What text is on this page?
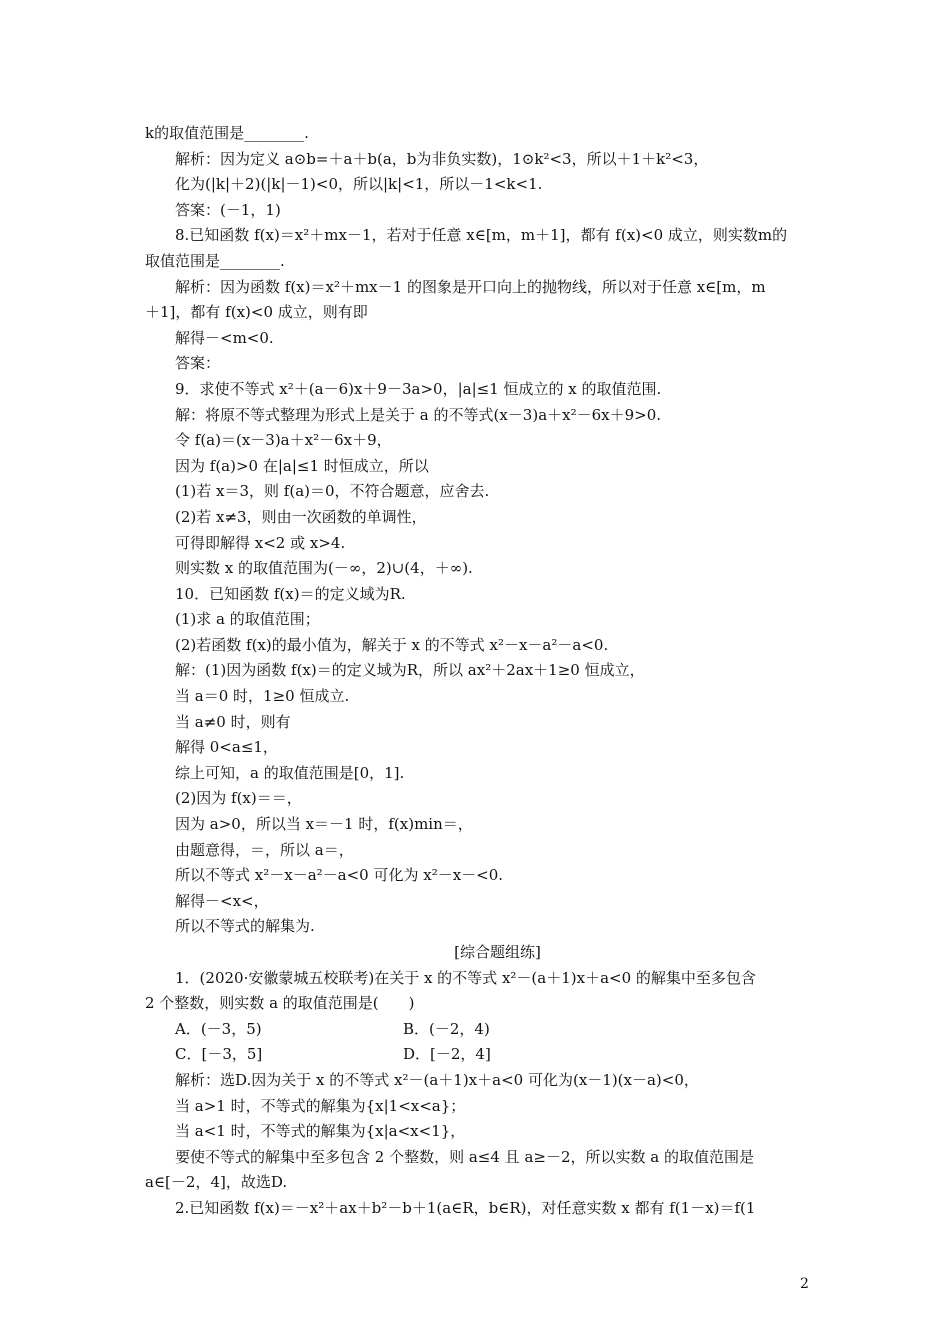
k的取值范围是________.
解析：因为定义 a⊙b=＋a＋b(a，b为非负实数)，1⊙k²<3，所以＋1＋k²<3，
化为(|k|＋2)(|k|－1)<0，所以|k|<1，所以－1<k<1.
答案：(－1，1)
8.已知函数 f(x)＝x²＋mx－1，若对于任意 x∈[m，m＋1]，都有 f(x)<0 成立，则实数m的
取值范围是________.
解析：因为函数 f(x)＝x²＋mx－1 的图象是开口向上的抛物线，所以对于任意 x∈[m，m
＋1]，都有 f(x)<0 成立，则有即
解得－<m<0.
答案：
9．求使不等式 x²＋(a－6)x＋9－3a>0，|a|≤1 恒成立的 x 的取值范围.
解：将原不等式整理为形式上是关于 a 的不等式(x－3)a＋x²－6x＋9>0.
令 f(a)＝(x－3)a＋x²－6x＋9，
因为 f(a)>0 在|a|≤1 时恒成立，所以
(1)若 x＝3，则 f(a)＝0，不符合题意，应舍去.
(2)若 x≠3，则由一次函数的单调性，
可得即解得 x<2 或 x>4.
则实数 x 的取值范围为(－∞，2)∪(4，＋∞).
10．已知函数 f(x)＝的定义域为R.
(1)求 a 的取值范围；
(2)若函数 f(x)的最小值为，解关于 x 的不等式 x²－x－a²－a<0.
解：(1)因为函数 f(x)＝的定义域为R，所以 ax²＋2ax＋1≥0 恒成立，
当 a＝0 时，1≥0 恒成立.
当 a≠0 时，则有
解得 0<a≤1，
综上可知，a 的取值范围是[0，1].
(2)因为 f(x)＝＝，
因为 a>0，所以当 x＝－1 时，f(x)min＝，
由题意得，＝，所以 a＝，
所以不等式 x²－x－a²－a<0 可化为 x²－x－<0.
解得－<x<，
所以不等式的解集为.
[综合题组练]
1．(2020·安徽蒙城五校联考)在关于 x 的不等式 x²－(a＋1)x＋a<0 的解集中至多包含
2 个整数，则实数 a 的取值范围是(　　)
A．(－3，5)	B．(－2，4)
C．[－3，5]	D．[－2，4]
解析：选D.因为关于 x 的不等式 x²－(a＋1)x＋a<0 可化为(x－1)(x－a)<0，
当 a>1 时，不等式的解集为{x|1<x<a}；
当 a<1 时，不等式的解集为{x|a<x<1}，
要使不等式的解集中至多包含 2 个整数，则 a≤4 且 a≥－2，所以实数 a 的取值范围是
a∈[－2，4]，故选D.
2.已知函数 f(x)＝－x²＋ax＋b²－b＋1(a∈R，b∈R)，对任意实数 x 都有 f(1－x)＝f(1
2
